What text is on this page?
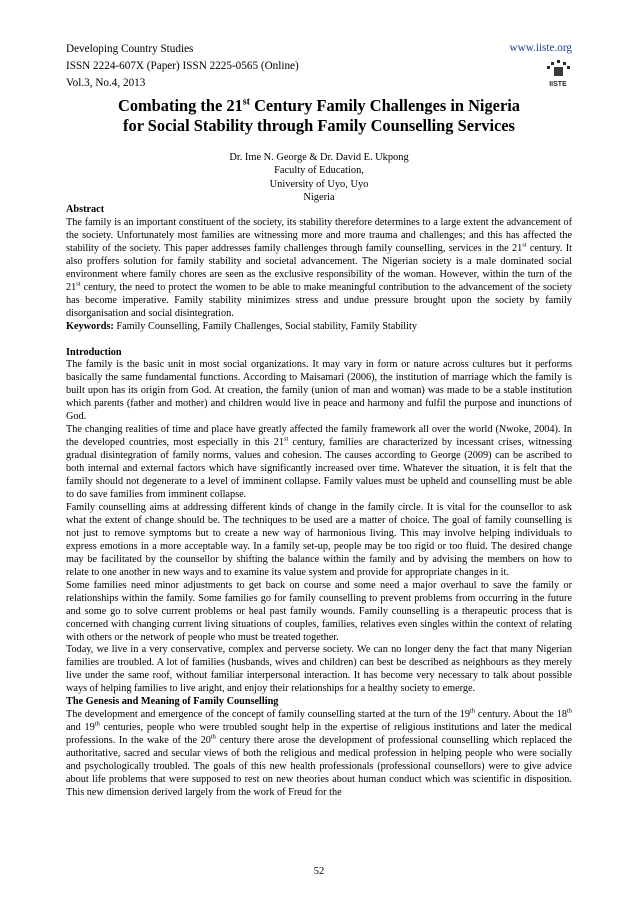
Developing Country Studies	www.iiste.org
ISSN 2224-607X (Paper) ISSN 2225-0565 (Online)
Vol.3, No.4, 2013	IISTE
Combating the 21st Century Family Challenges in Nigeria
for Social Stability through Family Counselling Services
Dr. Ime N. George & Dr. David E. Ukpong
Faculty of Education,
University of Uyo, Uyo
Nigeria

Abstract

The family is an important constituent of the society, its stability therefore determines to a large extent the advancement of the society. Unfortunately most families are witnessing more and more trauma and challenges; and this has affected the stability of the society. This paper addresses family challenges through family counselling, services in the 21st century. It also proffers solution for family stability and societal advancement. The Nigerian society is a male dominated social environment where family chores are seen as the exclusive responsibility of the woman. However, within the turn of the 21st century, the need to protect the women to be able to make meaningful contribution to the advancement of the society has become imperative. Family stability minimizes stress and undue pressure brought upon the society by family disorganisation and social disintegration.

Keywords: Family Counselling, Family Challenges, Social stability, Family Stability

Introduction

The family is the basic unit in most social organizations. It may vary in form or nature across cultures but it performs basically the same fundamental functions. According to Maisamari (2006), the institution of marriage which the family is built upon has its origin from God. At creation, the family (union of man and woman) was made to be a stable institution which parents (father and mother) and children would live in peace and harmony and fulfil the purpose and inunctions of God.

The changing realities of time and place have greatly affected the family framework all over the world (Nwoke, 2004). In the developed countries, most especially in this 21st century, families are characterized by incessant crises, witnessing gradual disintegration of family norms, values and cohesion. The causes according to George (2009) can be ascribed to both internal and external factors which have significantly increased over time. Whatever the situation, it is felt that the family should not degenerate to a level of imminent collapse. Family values must be upheld and counselling must be able to do save families from imminent collapse.

Family counselling aims at addressing different kinds of change in the family circle. It is vital for the counsellor to ask what the extent of change should be. The techniques to be used are a matter of choice. The goal of family counselling is not just to remove symptoms but to create a new way of harmonious living. This may involve helping individuals to express emotions in a more acceptable way. In a family set-up, people may be too rigid or too fluid. The desired change may be facilitated by the counsellor by shifting the balance within the family and by advising the members on how to relate to one another in new ways and to examine its value system and provide for appropriate changes in it.

Some families need minor adjustments to get back on course and some need a major overhaul to save the family or relationships within the family. Some families go for family counselling to prevent problems from occurring in the future and some go to solve current problems or heal past family wounds. Family counselling is a therapeutic process that is concerned with changing current living situations of couples, families, relatives even singles within the context of relating with others or the network of people who must be treated together.

Today, we live in a very conservative, complex and perverse society. We can no longer deny the fact that many Nigerian families are troubled. A lot of families (husbands, wives and children) can best be described as neighbours as they merely live under the same roof, without familiar interpersonal interaction. It has become very necessary to talk about possible ways of helping families to live aright, and enjoy their relationships for a healthy society to emerge.

The Genesis and Meaning of Family Counselling

The development and emergence of the concept of family counselling started at the turn of the 19th century. About the 18th and 19th centuries, people who were troubled sought help in the expertise of religious institutions and later the medical professions. In the wake of the 20th century there arose the development of professional counselling which replaced the authoritative, sacred and secular views of both the religious and medical profession in helping people who were socially and psychologically troubled. The goals of this new health professionals (professional counsellors) were to give advice about life problems that were supposed to rest on new theories about human conduct which was scientific in disposition. This new dimension derived largely from the work of Freud for the

52
